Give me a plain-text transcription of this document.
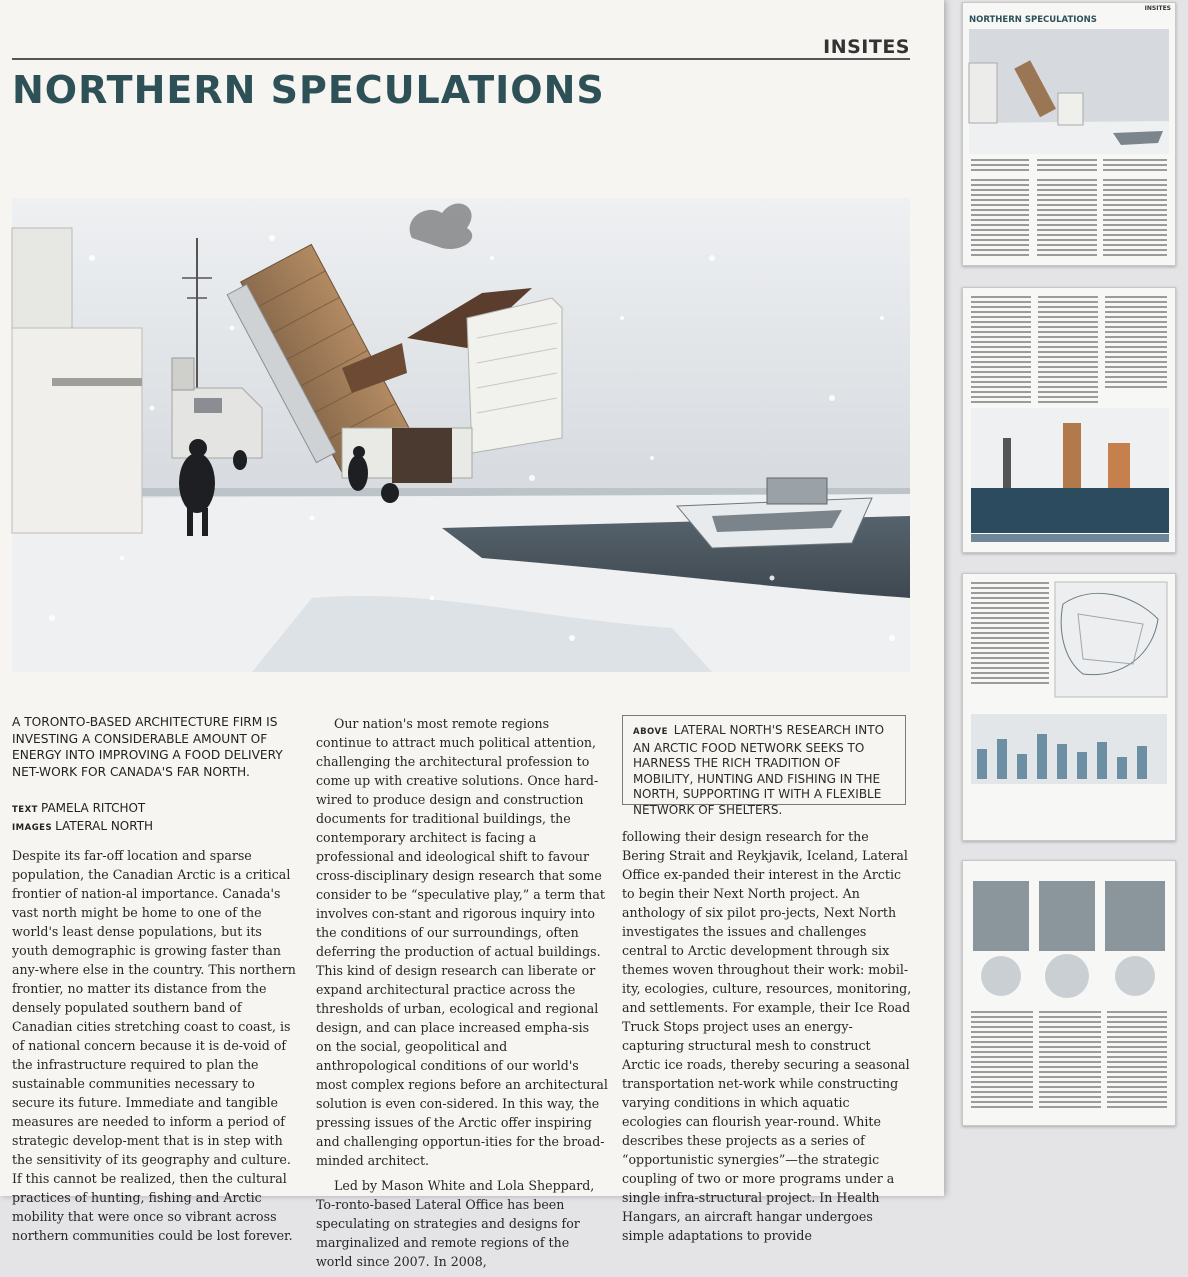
INSITES
NORTHERN SPECULATIONS

A TORONTO-BASED ARCHITECTURE FIRM IS INVESTING A CONSIDERABLE AMOUNT OF ENERGY INTO IMPROVING A FOOD DELIVERY NET-WORK FOR CANADA'S FAR NORTH.

TEXT PAMELA RITCHOT
IMAGES LATERAL NORTH

Despite its far-off location and sparse population, the Canadian Arctic is a critical frontier of nation-al importance. Canada's vast north might be home to one of the world's least dense populations, but its youth demographic is growing faster than any-where else in the country. This northern frontier, no matter its distance from the densely populated southern band of Canadian cities stretching coast to coast, is of national concern because it is de-void of the infrastructure required to plan the sustainable communities necessary to secure its future. Immediate and tangible measures are needed to inform a period of strategic develop-ment that is in step with the sensitivity of its geography and culture. If this cannot be realized, then the cultural practices of hunting, fishing and Arctic mobility that were once so vibrant across northern communities could be lost forever.

Our nation's most remote regions continue to attract much political attention, challenging the architectural profession to come up with creative solutions. Once hard-wired to produce design and construction documents for traditional buildings, the contemporary architect is facing a professional and ideological shift to favour cross-disciplinary design research that some consider to be “speculative play,” a term that involves con-stant and rigorous inquiry into the conditions of our surroundings, often deferring the production of actual buildings. This kind of design research can liberate or expand architectural practice across the thresholds of urban, ecological and regional design, and can place increased empha-sis on the social, geopolitical and anthropological conditions of our world's most complex regions before an architectural solution is even con-sidered. In this way, the pressing issues of the Arctic offer inspiring and challenging opportun-ities for the broad-minded architect.

Led by Mason White and Lola Sheppard, To-ronto-based Lateral Office has been speculating on strategies and designs for marginalized and remote regions of the world since 2007. In 2008,

ABOVE LATERAL NORTH'S RESEARCH INTO AN ARCTIC FOOD NETWORK SEEKS TO HARNESS THE RICH TRADITION OF MOBILITY, HUNTING AND FISHING IN THE NORTH, SUPPORTING IT WITH A FLEXIBLE NETWORK OF SHELTERS.

following their design research for the Bering Strait and Reykjavik, Iceland, Lateral Office ex-panded their interest in the Arctic to begin their Next North project. An anthology of six pilot pro-jects, Next North investigates the issues and challenges central to Arctic development through six themes woven throughout their work: mobil-ity, ecologies, culture, resources, monitoring, and settlements. For example, their Ice Road Truck Stops project uses an energy-capturing structural mesh to construct Arctic ice roads, thereby securing a seasonal transportation net-work while constructing varying conditions in which aquatic ecologies can flourish year-round. White describes these projects as a series of “opportunistic synergies”—the strategic coupling of two or more programs under a single infra-structural project. In Health Hangars, an aircraft hangar undergoes simple adaptations to provide

INSITES
NORTHERN SPECULATIONS
